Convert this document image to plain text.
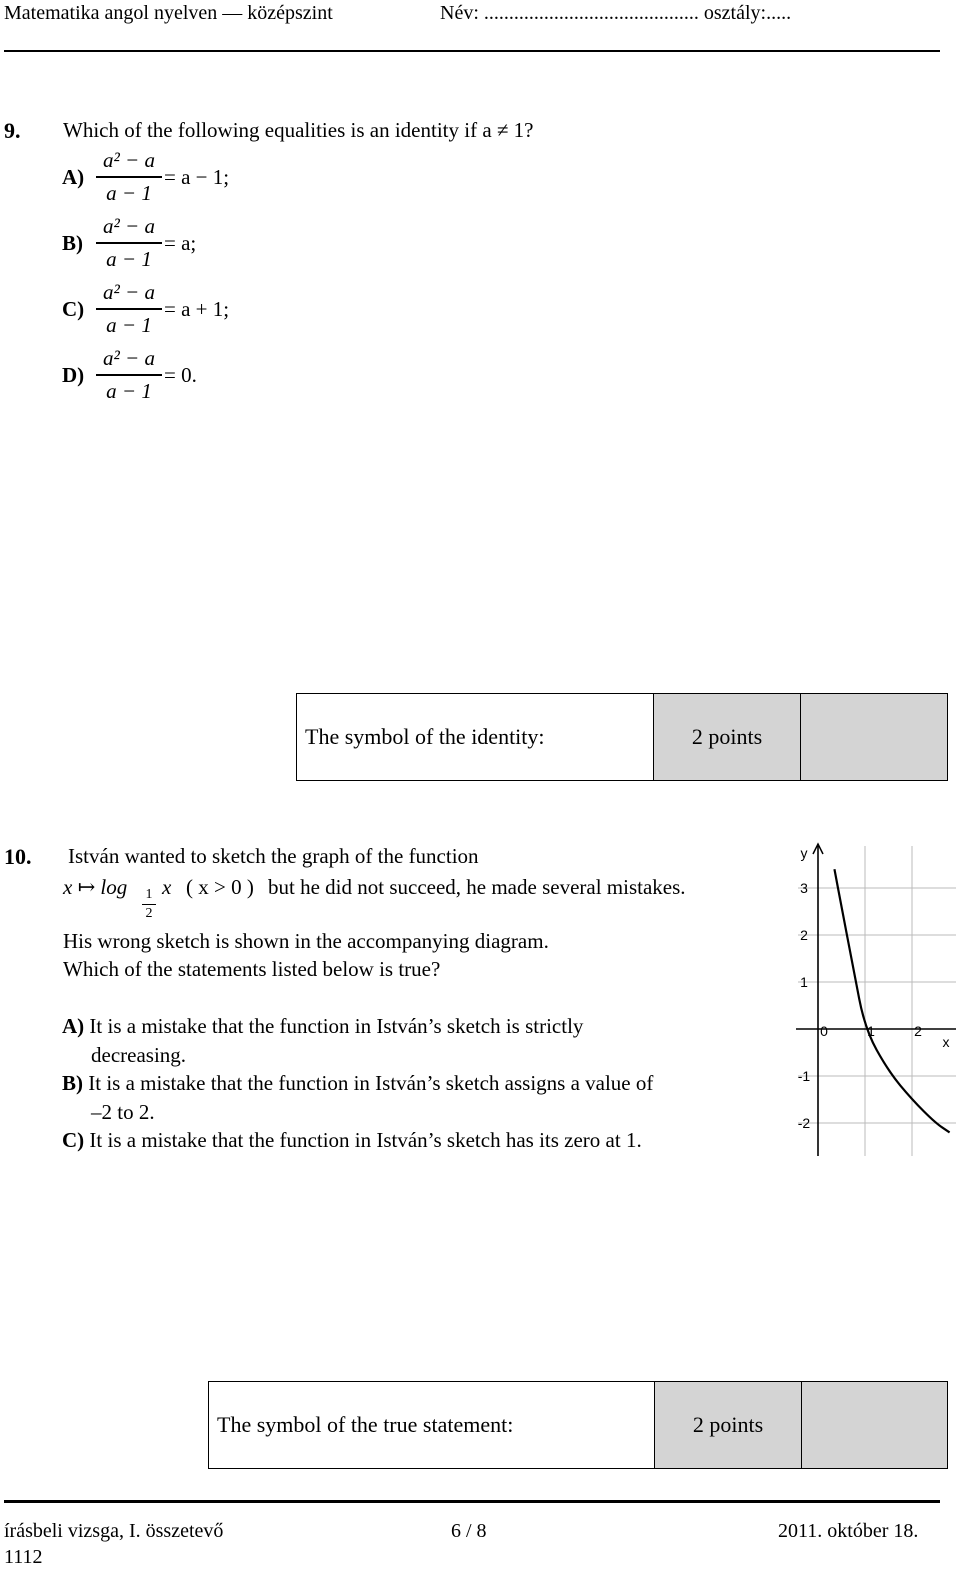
Matematika angol nyelven — középszint	Név: ........................................... osztály:.....
9. Which of the following equalities is an identity if a ≠ 1?
A)
a² − a
a − 1
= a − 1;
B)
a² − a
a − 1
= a;
C)
a² − a
a − 1
= a + 1;
D)
a² − a
a − 1
= 0.
The symbol of the identity:	2 points
10. István wanted to sketch the graph of the function
x ↦ log 1
2
x ( x > 0 ) but he did not succeed, he made several mistakes.
His wrong sketch is shown in the accompanying diagram.
Which of the statements listed below is true?
A) It is a mistake that the function in István’s sketch is strictly
decreasing.
B) It is a mistake that the function in István’s sketch assigns a value of
–2 to 2.
C) It is a mistake that the function in István’s sketch has its zero at 1.
y
x
0	1	2
3
2
1
-1
-2
The symbol of the true statement:	2 points
írásbeli vizsga, I. összetevő
1112
6 / 8	2011. október 18.
